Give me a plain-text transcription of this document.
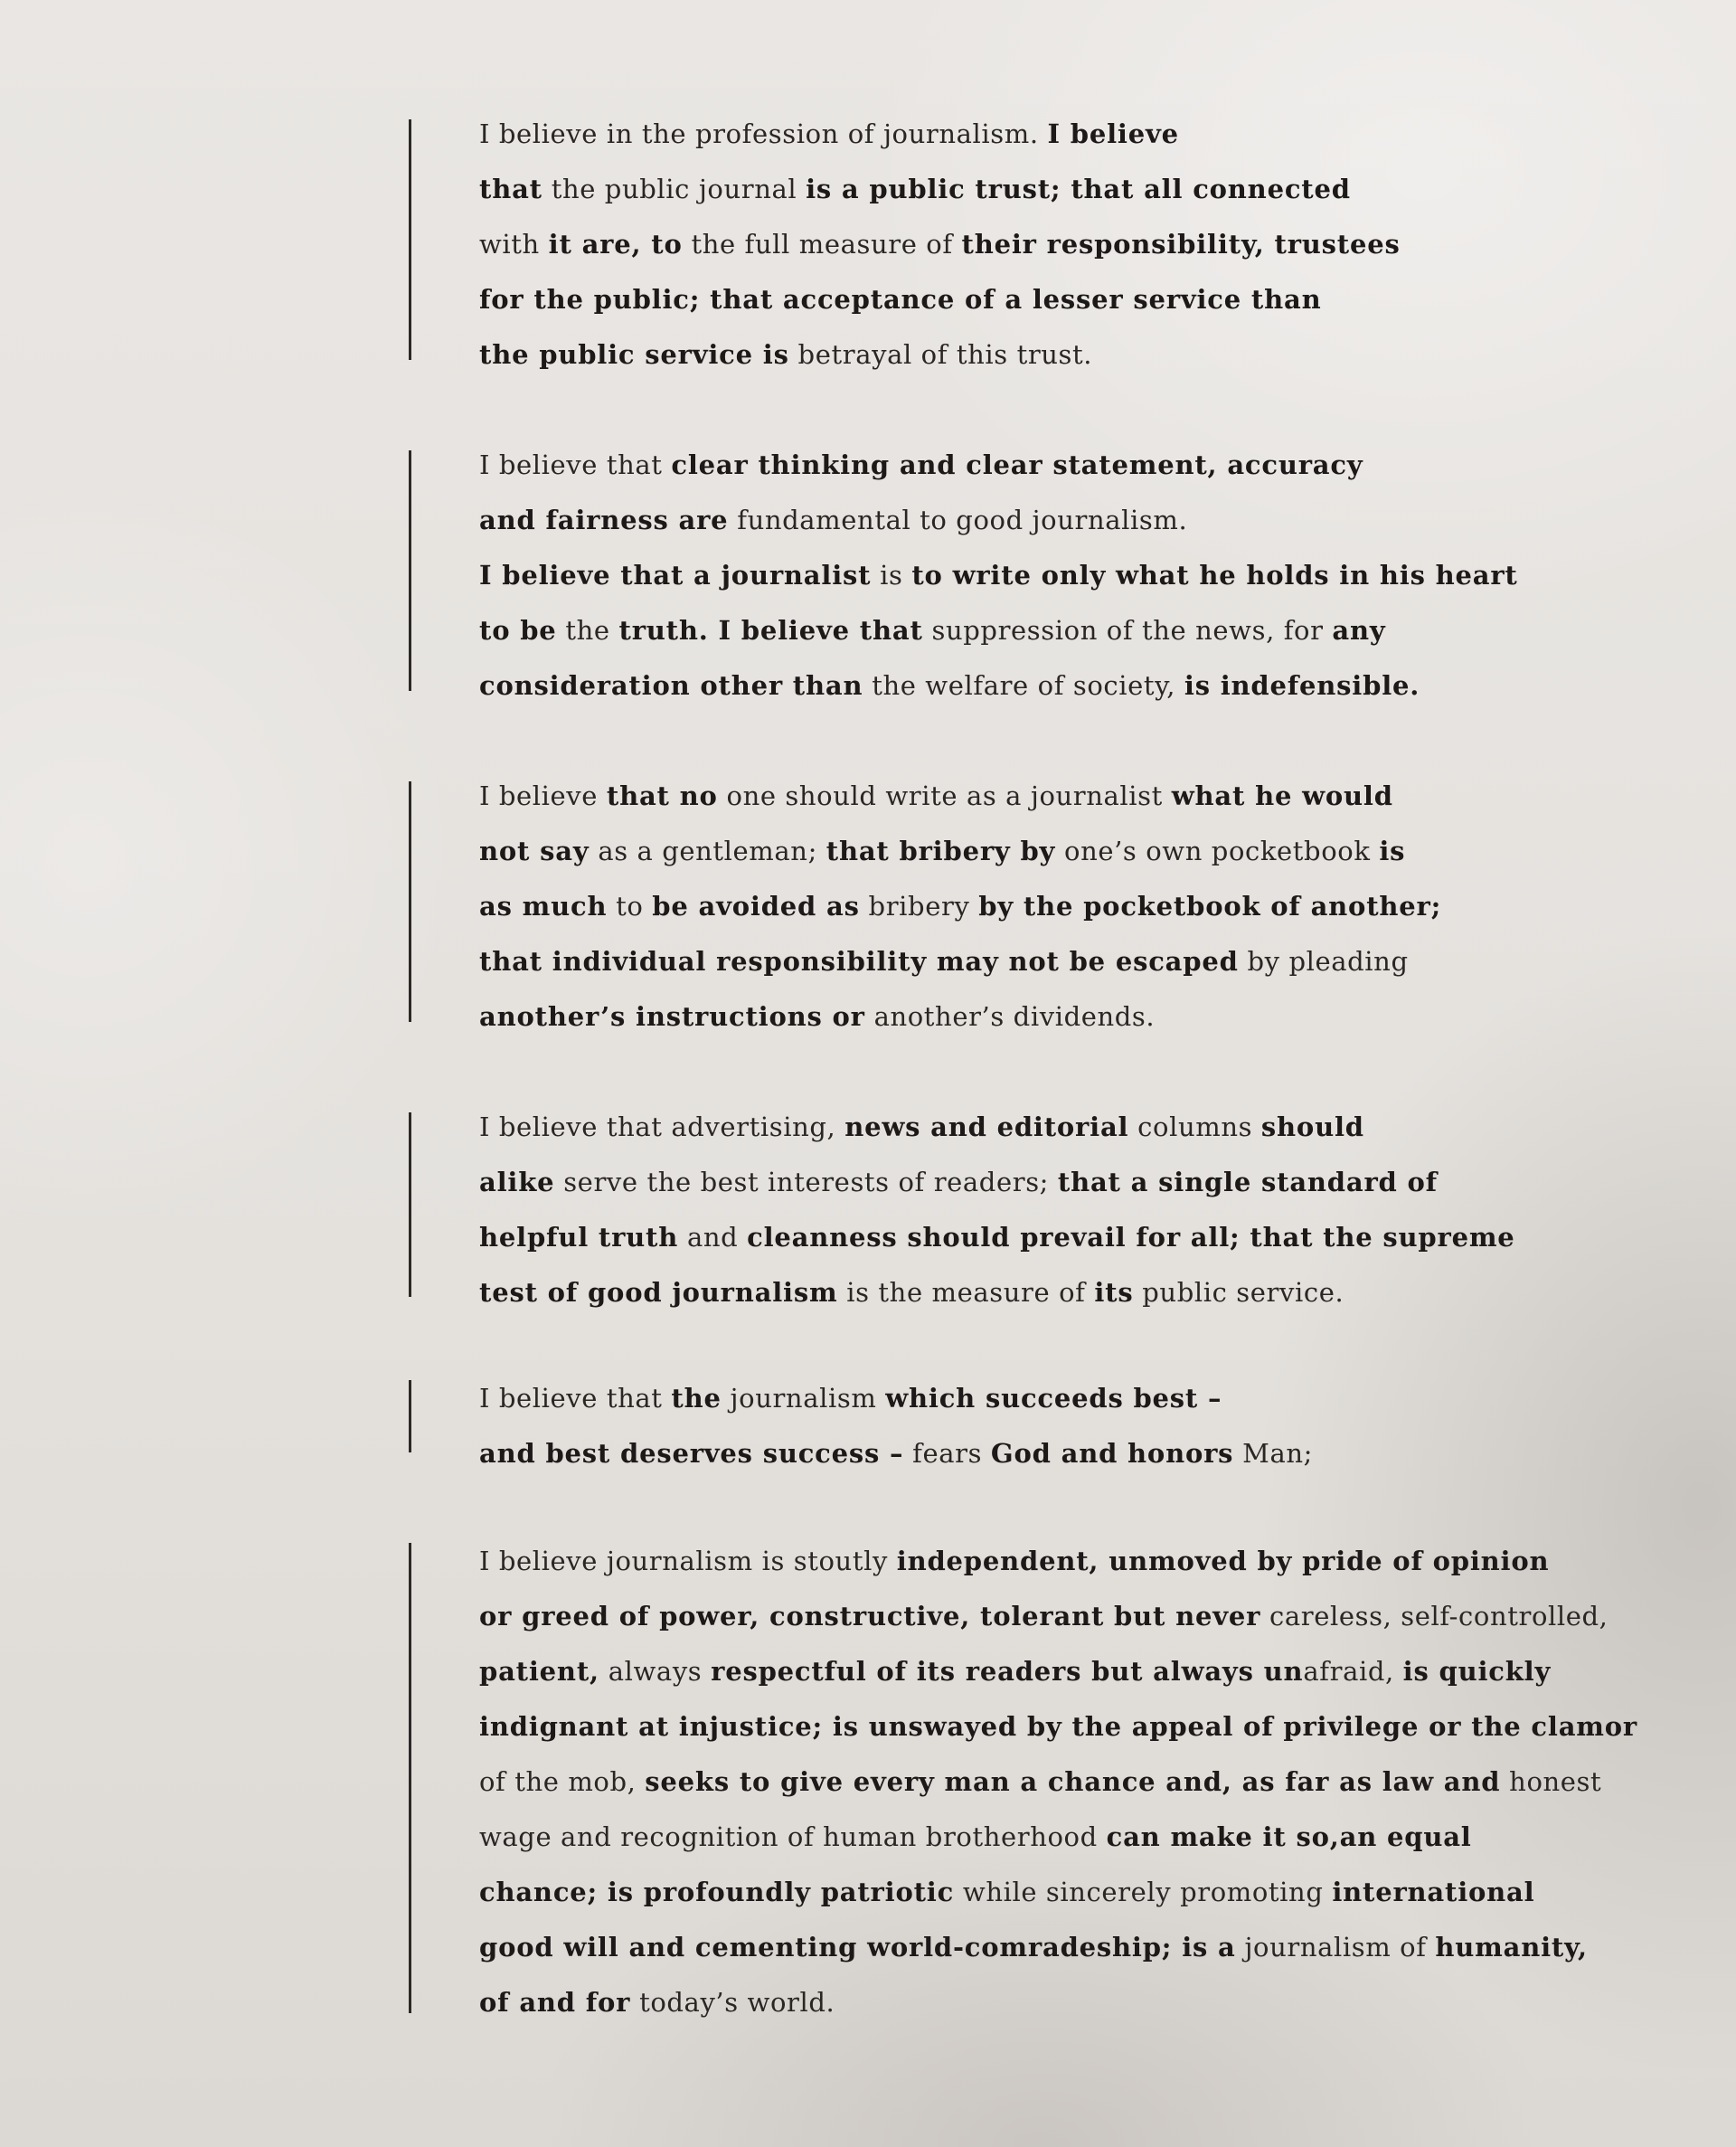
I believe in the profession of journalism. I believe
that the public journal is a public trust; that all connected
with it are, to the full measure of their responsibility, trustees
for the public; that acceptance of a lesser service than
the public service is betrayal of this trust.
I believe that clear thinking and clear statement, accuracy
and fairness are fundamental to good journalism.
I believe that a journalist is to write only what he holds in his heart
to be the truth. I believe that suppression of the news, for any
consideration other than the welfare of society, is indefensible.
I believe that no one should write as a journalist what he would
not say as a gentleman; that bribery by one’s own pocketbook is
as much to be avoided as bribery by the pocketbook of another;
that individual responsibility may not be escaped by pleading
another’s instructions or another’s dividends.
I believe that advertising, news and editorial columns should
alike serve the best interests of readers; that a single standard of
helpful truth and cleanness should prevail for all; that the supreme
test of good journalism is the measure of its public service.
I believe that the journalism which succeeds best –
and best deserves success – fears God and honors Man;
I believe journalism is stoutly independent, unmoved by pride of opinion
or greed of power, constructive, tolerant but never careless, self-controlled,
patient, always respectful of its readers but always unafraid, is quickly
indignant at injustice; is unswayed by the appeal of privilege or the clamor
of the mob, seeks to give every man a chance and, as far as law and honest
wage and recognition of human brotherhood can make it so,an equal
chance; is profoundly patriotic while sincerely promoting international
good will and cementing world-comradeship; is a journalism of humanity,
of and for today’s world.
